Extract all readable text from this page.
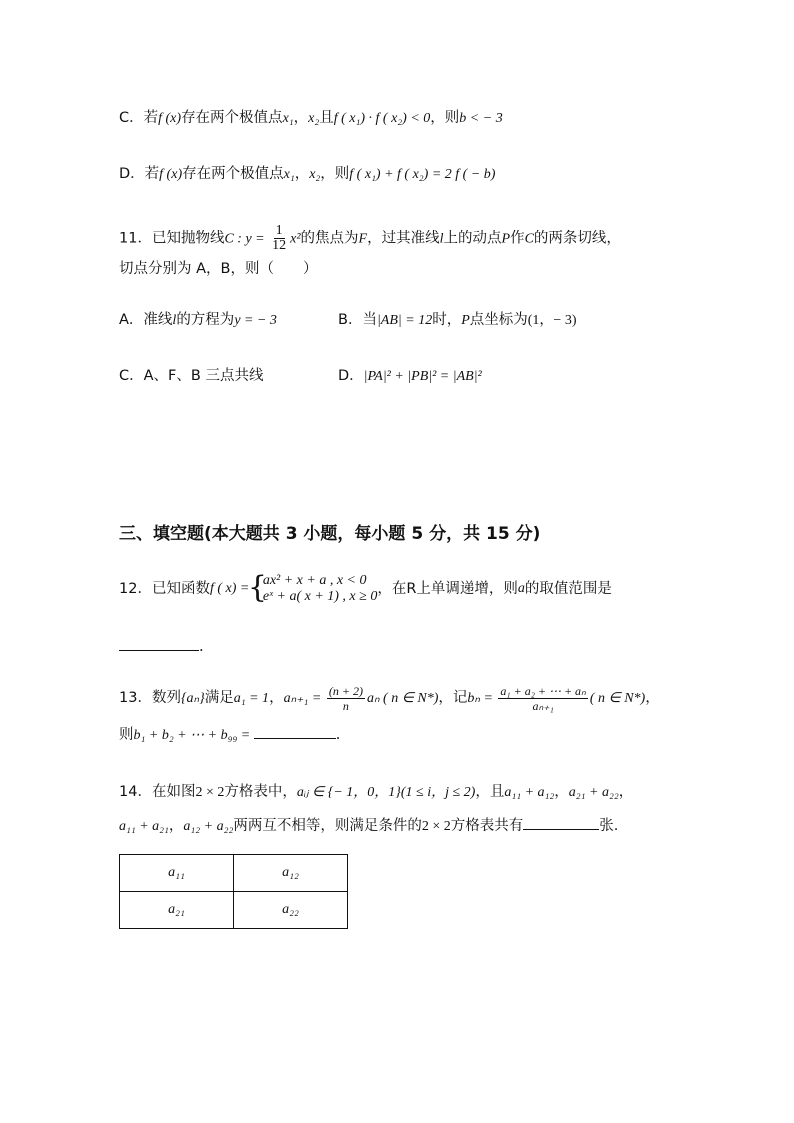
C．若f (x)存在两个极值点x₁，x₂且f ( x₁) · f ( x₂) < 0，则b < − 3
D．若f (x)存在两个极值点x₁，x₂，则f ( x₁) + f ( x₂) = 2 f ( − b)
11．已知抛物线C : $y = \frac{1}{12} x^2$的焦点为F，过其准线l上的动点P作C的两条切线，
切点分别为 A，B，则（　　）
A．准线l的方程为y = − 3	B．当|AB| = 12时，P点坐标为(1，− 3)
C．A、F、B 三点共线	D．|PA|² + |PB|² = |AB|²
三、填空题(本大题共 3 小题，每小题 5 分，共 15 分)
12．已知函数f ( x) =
{
ax² + x + a , x < 0
eˣ + a( x + 1) , x ≥ 0 ，在R上单调递增，则a的取值范围是
.
13．数列{aₙ}满足a₁ = 1，$a_{n+1} = \frac{(n + 2)}{n}$ aₙ ( n ∈ N*)，记$b_n = \frac{\text{a₁ + a₂ + ⋯ + aₙ}}{\text{aₙ₊₁}}$ ( n ∈ N*)，
则b₁ + b₂ + ⋯ + b₉₉ =	.
14．在如图2 × 2方格表中，aᵢⱼ ∈ {− 1，0，1}(1 ≤ i，j ≤ 2)，且a₁₁ + a₁₂，a₂₁ + a₂₂，
a₁₁ + a₂₁，a₁₂ + a₂₂两两互不相等，则满足条件的2 × 2方格表共有	张.
a₁₁	a₁₂
a₂₁	a₂₂
